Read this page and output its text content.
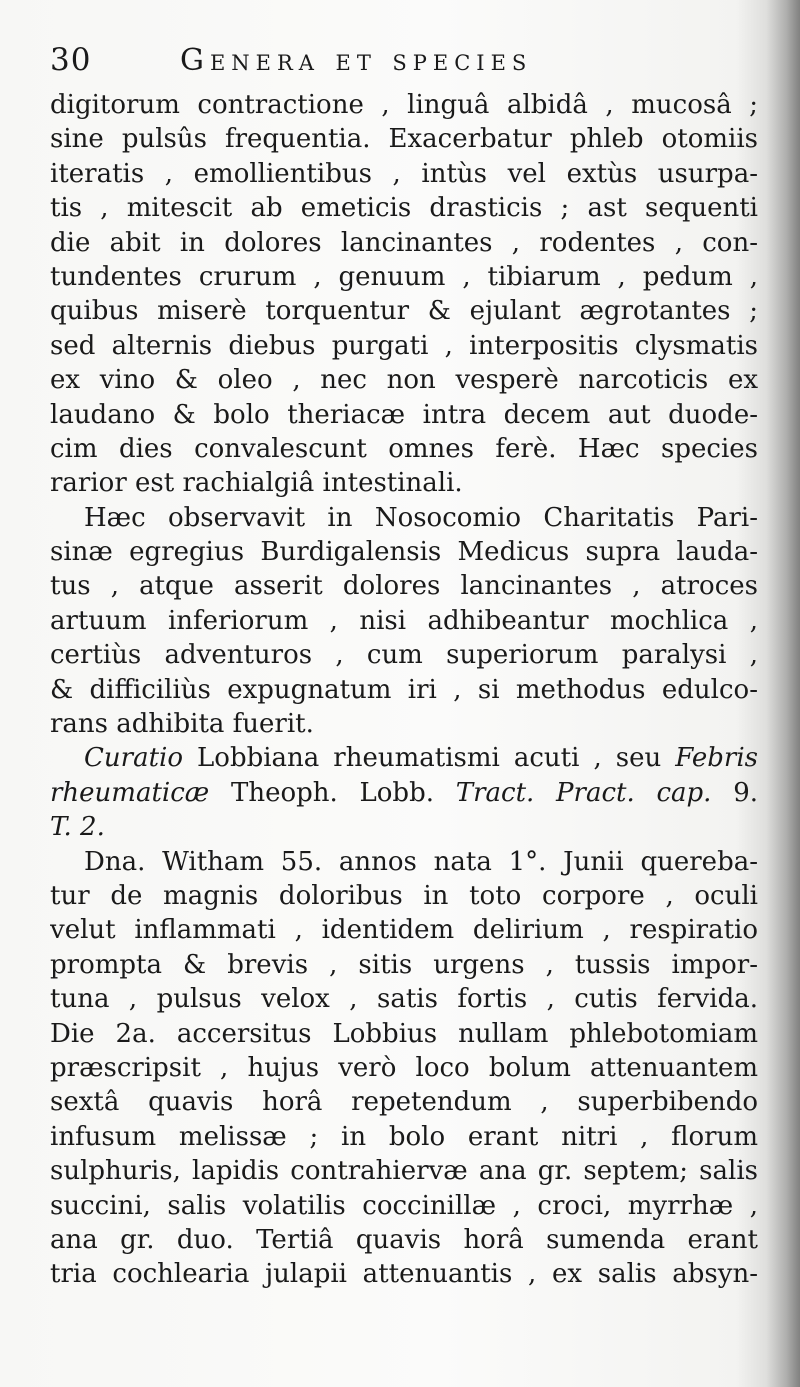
30	Genera et species
digitorum contractione , linguâ albidâ , mucosâ ;
sine pulsûs frequentia. Exacerbatur phleb otomiis
iteratis , emollientibus , intùs vel extùs usurpa-
tis , mitescit ab emeticis drasticis ; ast sequenti
die abit in dolores lancinantes , rodentes , con-
tundentes crurum , genuum , tibiarum , pedum ,
quibus miserè torquentur & ejulant ægrotantes ;
sed alternis diebus purgati , interpositis clysmatis
ex vino & oleo , nec non vesperè narcoticis ex
laudano & bolo theriacæ intra decem aut duode-
cim dies convalescunt omnes ferè. Hæc species
rarior est rachialgiâ intestinali.
Hæc observavit in Nosocomio Charitatis Pari-
sinæ egregius Burdigalensis Medicus supra lauda-
tus , atque asserit dolores lancinantes , atroces
artuum inferiorum , nisi adhibeantur mochlica ,
certiùs adventuros , cum superiorum paralysi ,
& difficiliùs expugnatum iri , si methodus edulco-
rans adhibita fuerit.
Curatio Lobbiana rheumatismi acuti , seu Febris
rheumaticæ Theoph. Lobb. Tract. Pract. cap. 9.
T. 2.
Dna. Witham 55. annos nata 1°. Junii quereba-
tur de magnis doloribus in toto corpore , oculi
velut inflammati , identidem delirium , respiratio
prompta & brevis , sitis urgens , tussis impor-
tuna , pulsus velox , satis fortis , cutis fervida.
Die 2a. accersitus Lobbius nullam phlebotomiam
præscripsit , hujus verò loco bolum attenuantem
sextâ quavis horâ repetendum , superbibendo
infusum melissæ ; in bolo erant nitri , florum
sulphuris, lapidis contrahiervæ ana gr. septem; salis
succini, salis volatilis coccinillæ , croci, myrrhæ ,
ana gr. duo. Tertiâ quavis horâ sumenda erant
tria cochlearia julapii attenuantis , ex salis absyn-
